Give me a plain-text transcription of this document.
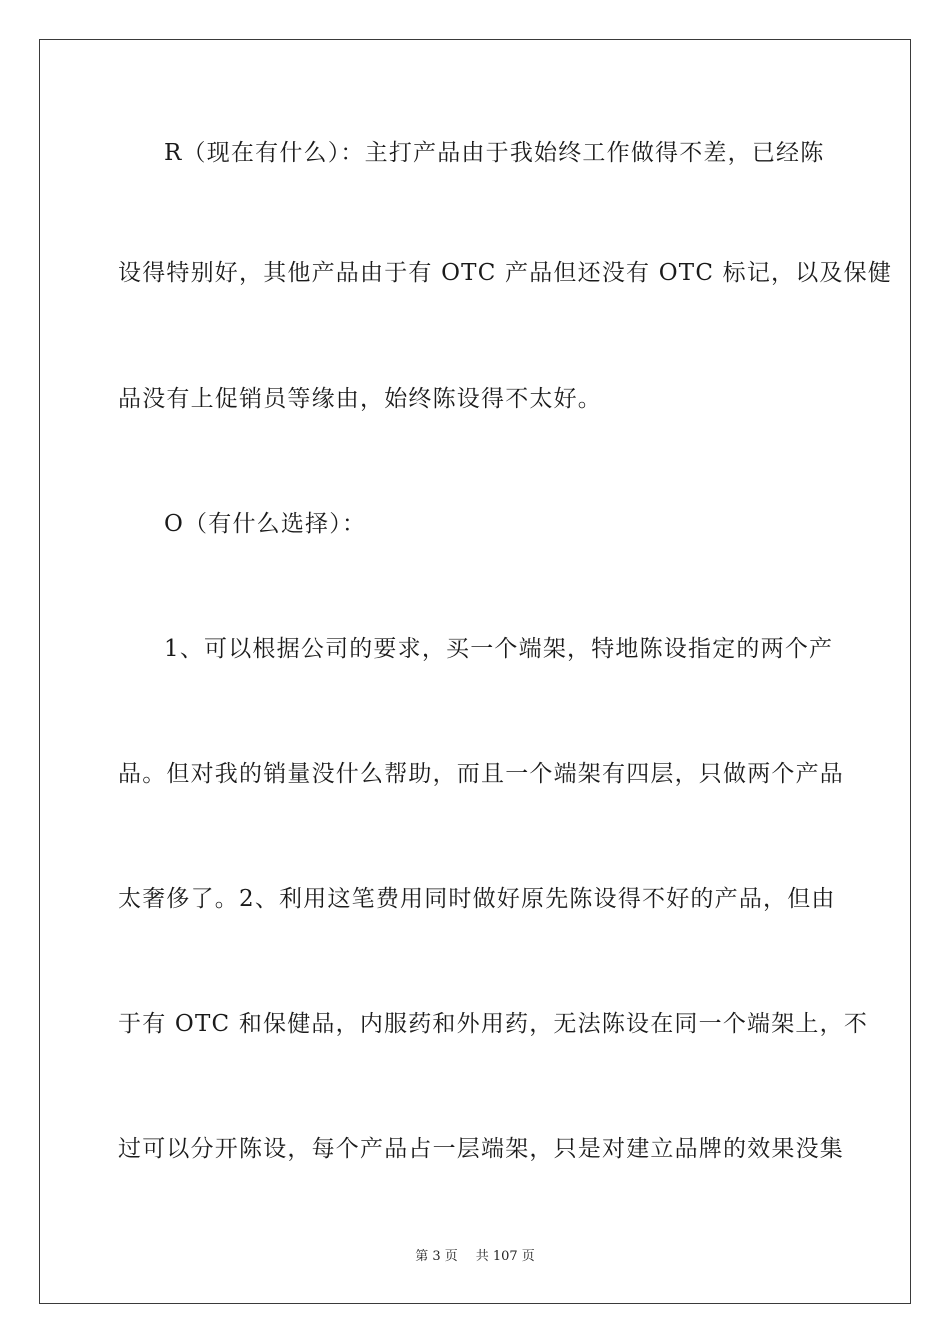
R（现在有什么）：主打产品由于我始终工作做得不差，已经陈
设得特别好，其他产品由于有 OTC 产品但还没有 OTC 标记，以及保健
品没有上促销员等缘由，始终陈设得不太好。
O（有什么选择）：
1、可以根据公司的要求，买一个端架，特地陈设指定的两个产
品。但对我的销量没什么帮助，而且一个端架有四层，只做两个产品
太奢侈了。2、利用这笔费用同时做好原先陈设得不好的产品，但由
于有 OTC 和保健品，内服药和外用药，无法陈设在同一个端架上，不
过可以分开陈设，每个产品占一层端架，只是对建立品牌的效果没集
第 3 页 共 107 页
